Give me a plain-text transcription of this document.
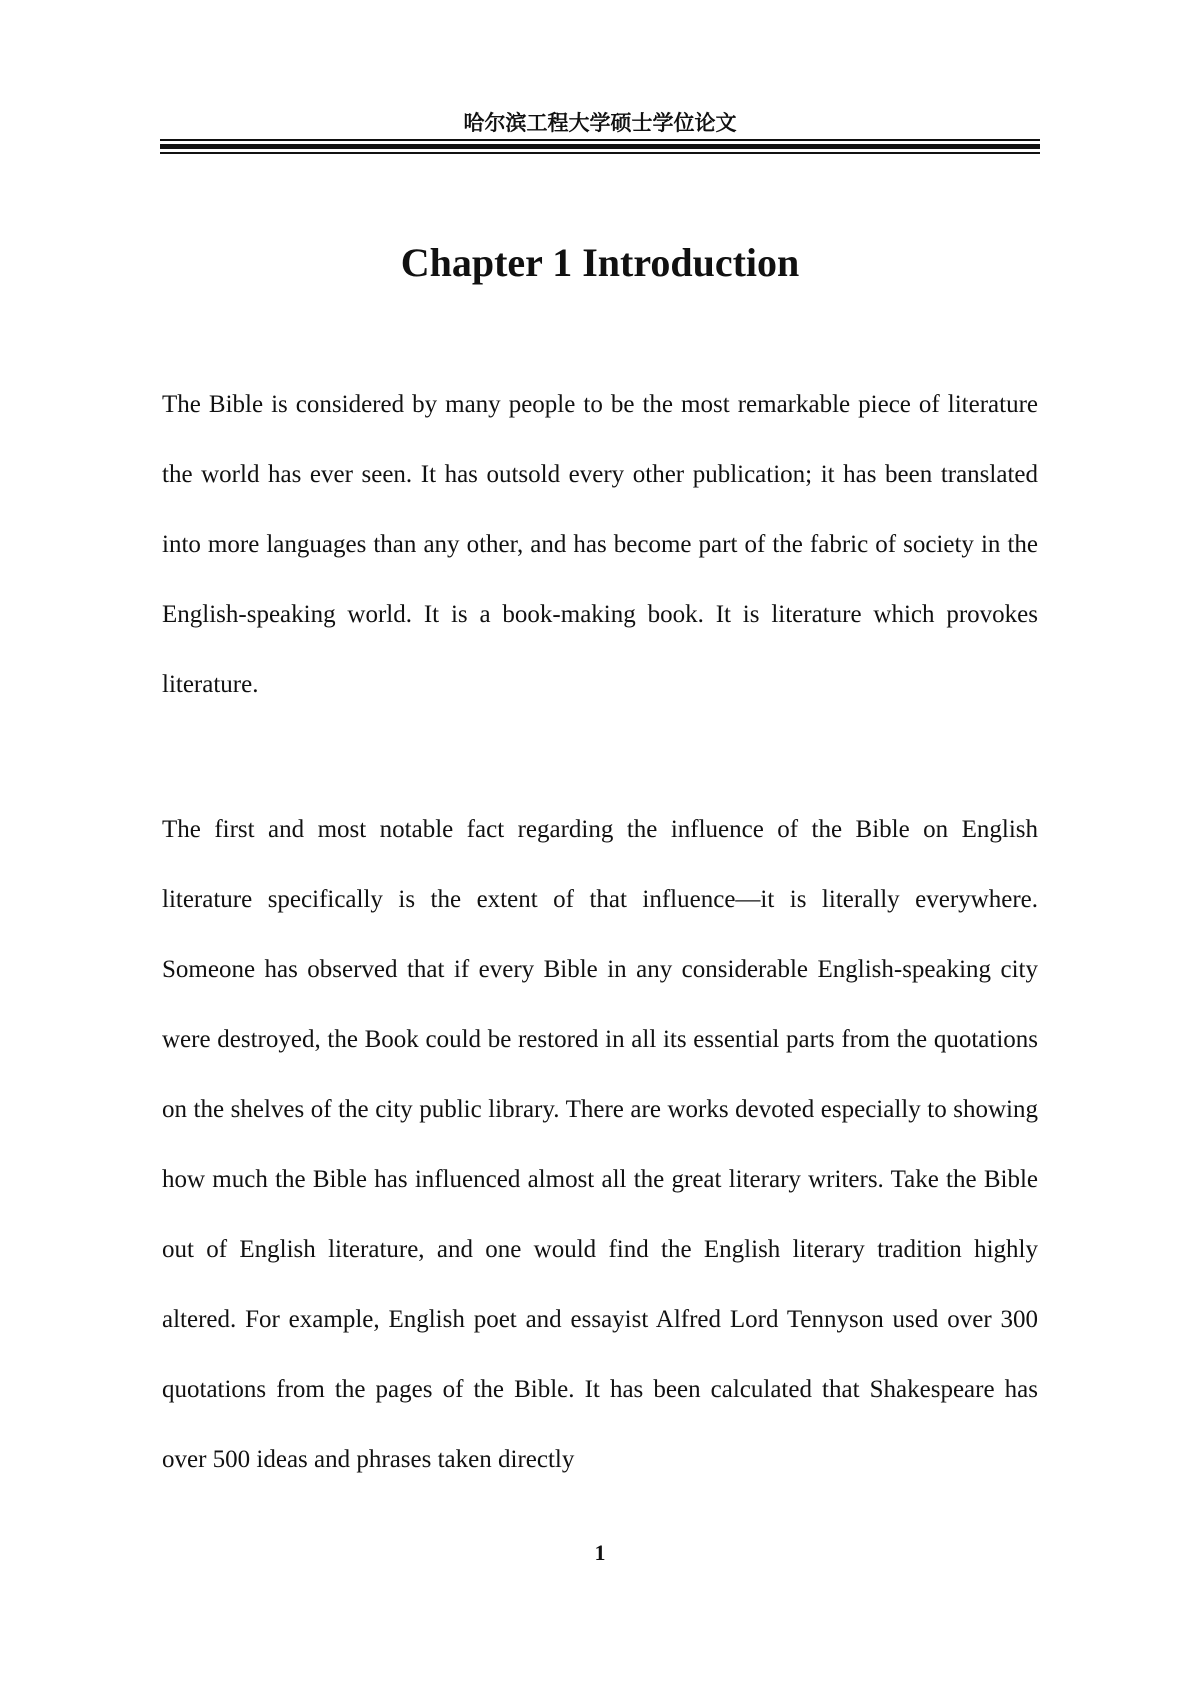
哈尔滨工程大学硕士学位论文
Chapter 1 Introduction

The Bible is considered by many people to be the most remarkable piece of literature the world has ever seen. It has outsold every other publication; it has been translated into more languages than any other, and has become part of the fabric of society in the English-speaking world. It is a book-making book. It is literature which provokes literature.

The first and most notable fact regarding the influence of the Bible on English literature specifically is the extent of that influence—it is literally everywhere. Someone has observed that if every Bible in any considerable English-speaking city were destroyed, the Book could be restored in all its essential parts from the quotations on the shelves of the city public library. There are works devoted especially to showing how much the Bible has influenced almost all the great literary writers. Take the Bible out of English literature, and one would find the English literary tradition highly altered. For example, English poet and essayist Alfred Lord Tennyson used over 300 quotations from the pages of the Bible. It has been calculated that Shakespeare has over 500 ideas and phrases taken directly

1
